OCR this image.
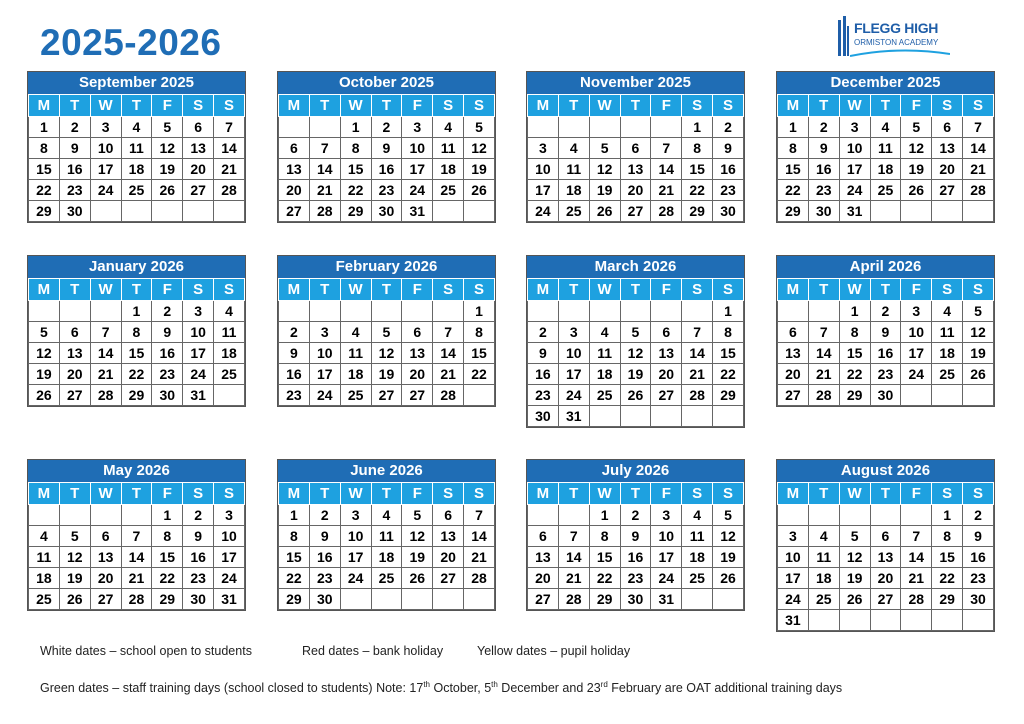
2025-2026	FLEGG HIGH
ORMISTON ACADEMY
September 2025
M	T	W	T	F	S	S
1	2	3	4	5	6	7
8	9	10	11	12	13	14
15	16	17	18	19	20	21
22	23	24	25	26	27	28
29	30					
October 2025
M	T	W	T	F	S	S
		1	2	3	4	5
6	7	8	9	10	11	12
13	14	15	16	17	18	19
20	21	22	23	24	25	26
27	28	29	30	31		
November 2025
M	T	W	T	F	S	S
					1	2
3	4	5	6	7	8	9
10	11	12	13	14	15	16
17	18	19	20	21	22	23
24	25	26	27	28	29	30
December 2025
M	T	W	T	F	S	S
1	2	3	4	5	6	7
8	9	10	11	12	13	14
15	16	17	18	19	20	21
22	23	24	25	26	27	28
29	30	31				
January 2026
M	T	W	T	F	S	S
			1	2	3	4
5	6	7	8	9	10	11
12	13	14	15	16	17	18
19	20	21	22	23	24	25
26	27	28	29	30	31	
February 2026
M	T	W	T	F	S	S
						1
2	3	4	5	6	7	8
9	10	11	12	13	14	15
16	17	18	19	20	21	22
23	24	25	27	27	28	
March 2026
M	T	W	T	F	S	S
						1
2	3	4	5	6	7	8
9	10	11	12	13	14	15
16	17	18	19	20	21	22
23	24	25	26	27	28	29
30	31					
April 2026
M	T	W	T	F	S	S
		1	2	3	4	5
6	7	8	9	10	11	12
13	14	15	16	17	18	19
20	21	22	23	24	25	26
27	28	29	30			
May 2026
M	T	W	T	F	S	S
				1	2	3
4	5	6	7	8	9	10
11	12	13	14	15	16	17
18	19	20	21	22	23	24
25	26	27	28	29	30	31
June 2026
M	T	W	T	F	S	S
1	2	3	4	5	6	7
8	9	10	11	12	13	14
15	16	17	18	19	20	21
22	23	24	25	26	27	28
29	30					
July 2026
M	T	W	T	F	S	S
		1	2	3	4	5
6	7	8	9	10	11	12
13	14	15	16	17	18	19
20	21	22	23	24	25	26
27	28	29	30	31		
August 2026
M	T	W	T	F	S	S
					1	2
3	4	5	6	7	8	9
10	11	12	13	14	15	16
17	18	19	20	21	22	23
24	25	26	27	28	29	30
31						
White dates – school open to students	Red dates – bank holiday	Yellow dates – pupil holiday
Green dates – staff training days (school closed to students) Note: 17th October, 5th December and 23rd February are OAT additional training days
